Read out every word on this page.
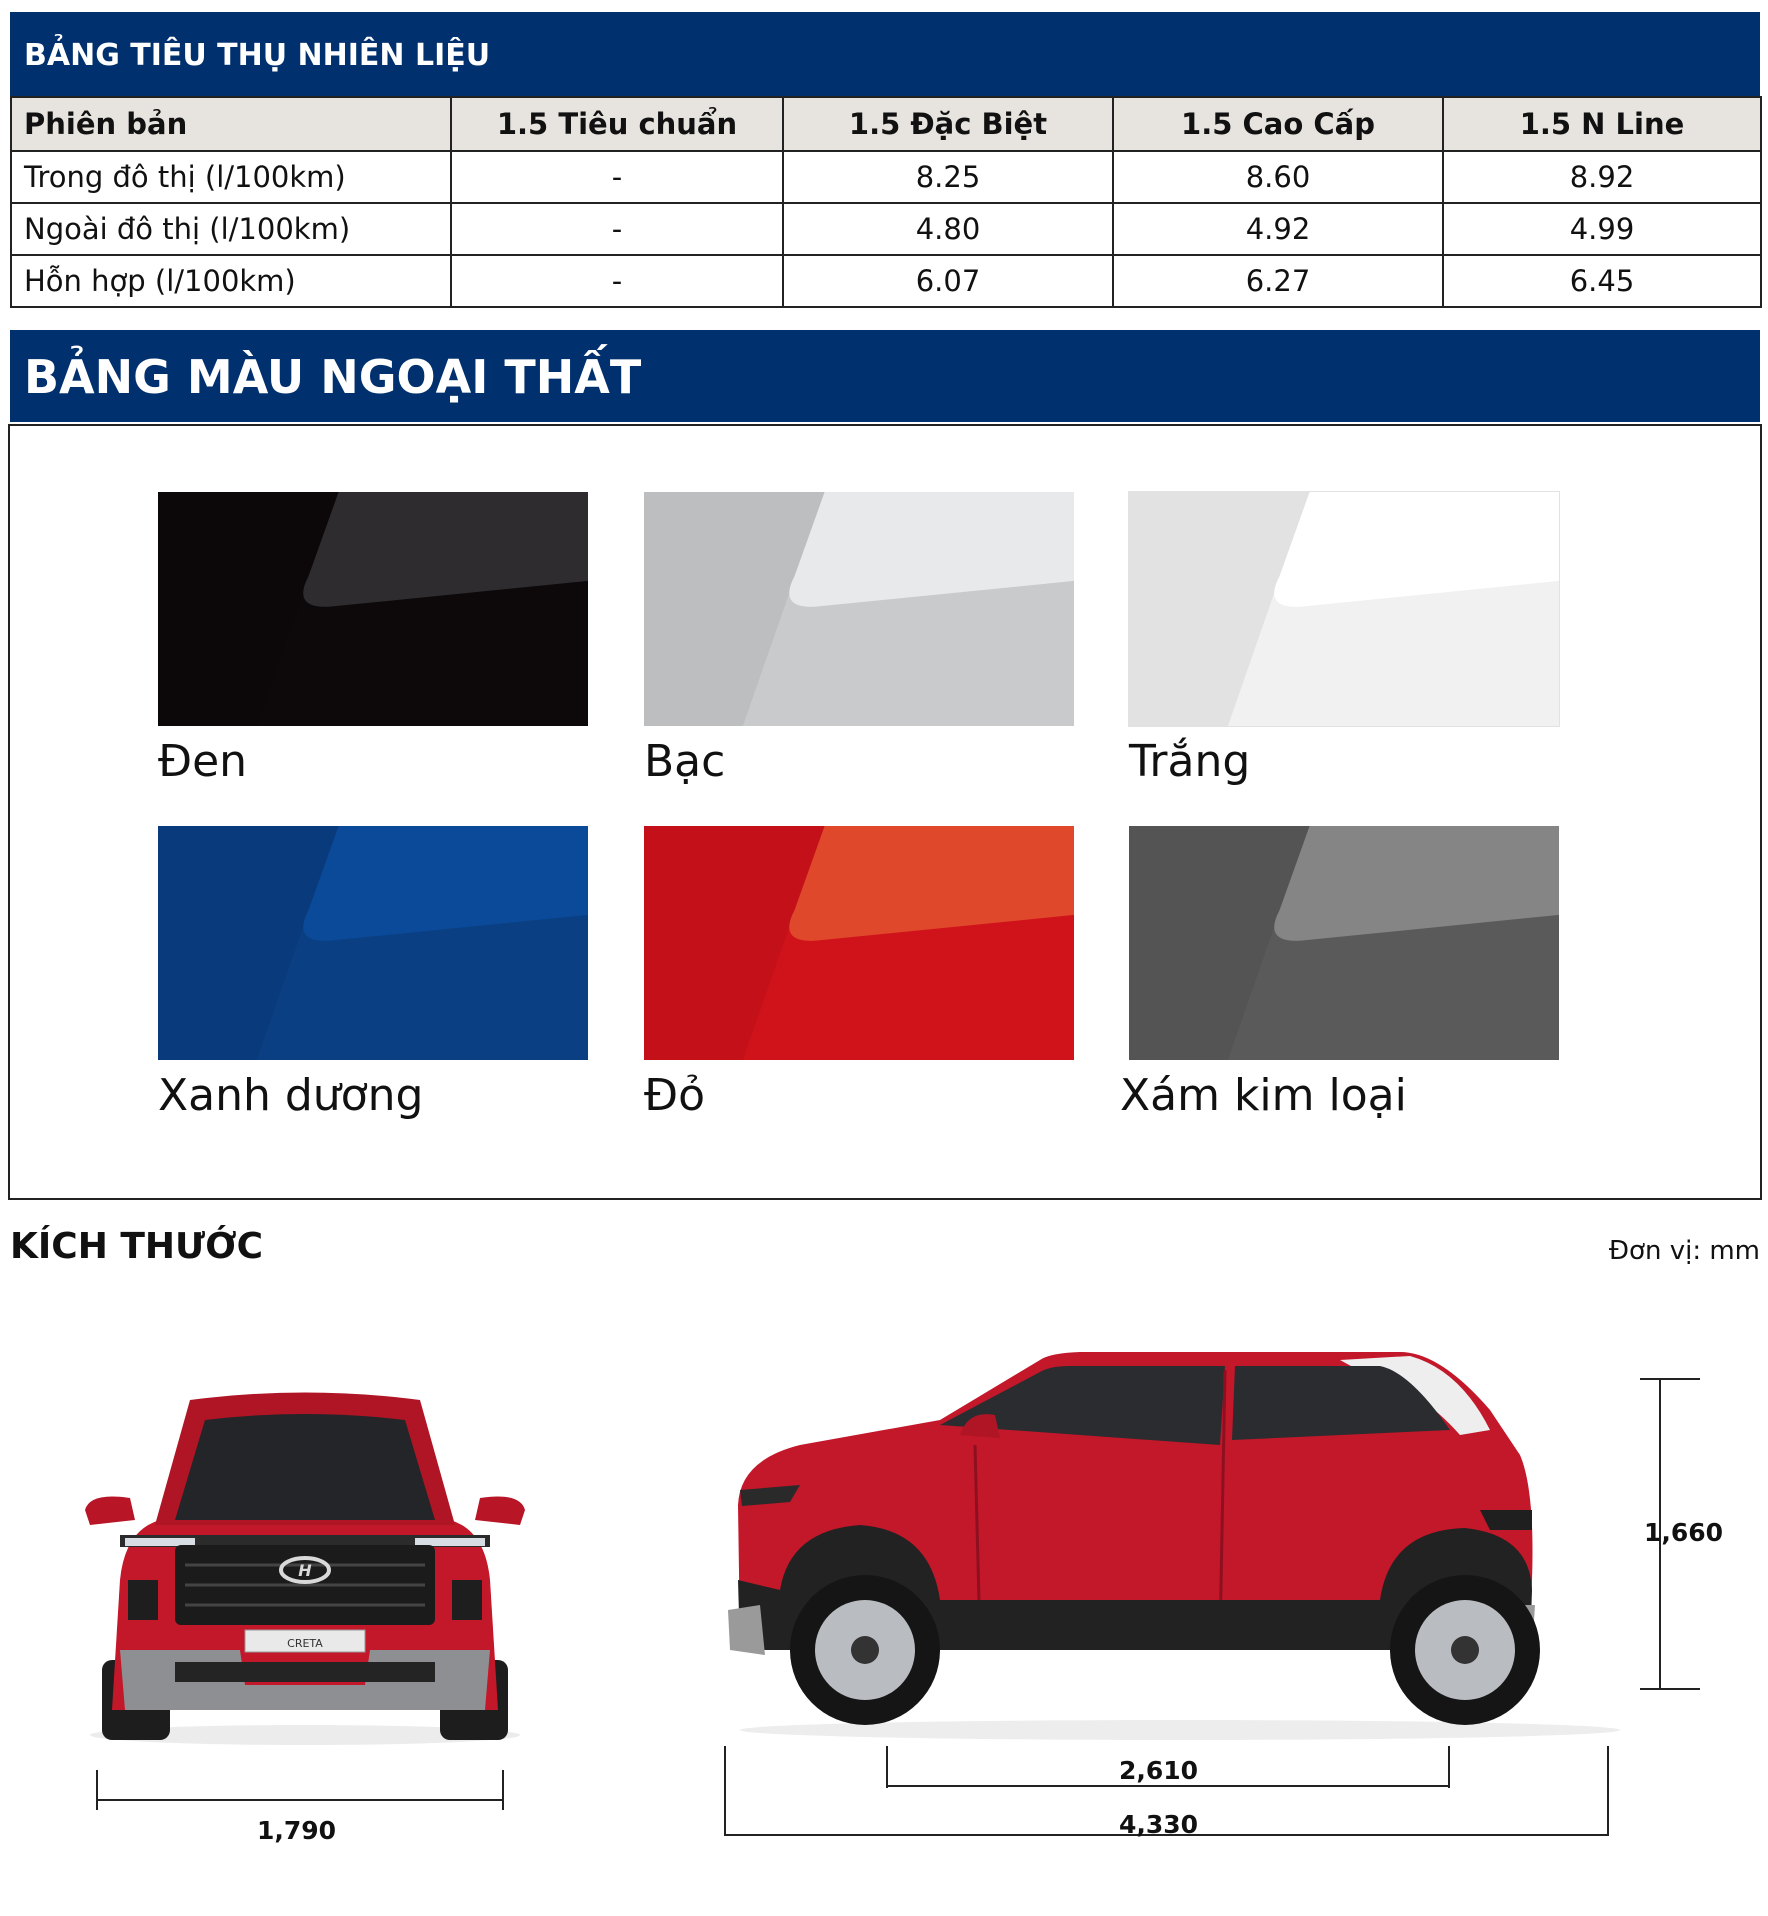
BẢNG TIÊU THỤ NHIÊN LIỆU
Phiên bản	1.5 Tiêu chuẩn	1.5 Đặc Biệt	1.5 Cao Cấp	1.5 N Line
Trong đô thị (l/100km)	-	8.25	8.60	8.92
Ngoài đô thị (l/100km)	-	4.80	4.92	4.99
Hỗn hợp (l/100km)	-	6.07	6.27	6.45
BẢNG MÀU NGOẠI THẤT
Đen	Bạc	Trắng
Xanh dương	Đỏ	Xám kim loại
KÍCH THƯỚC	Đơn vị: mm
H
CRETA
1,790
1,660
2,610
4,330
